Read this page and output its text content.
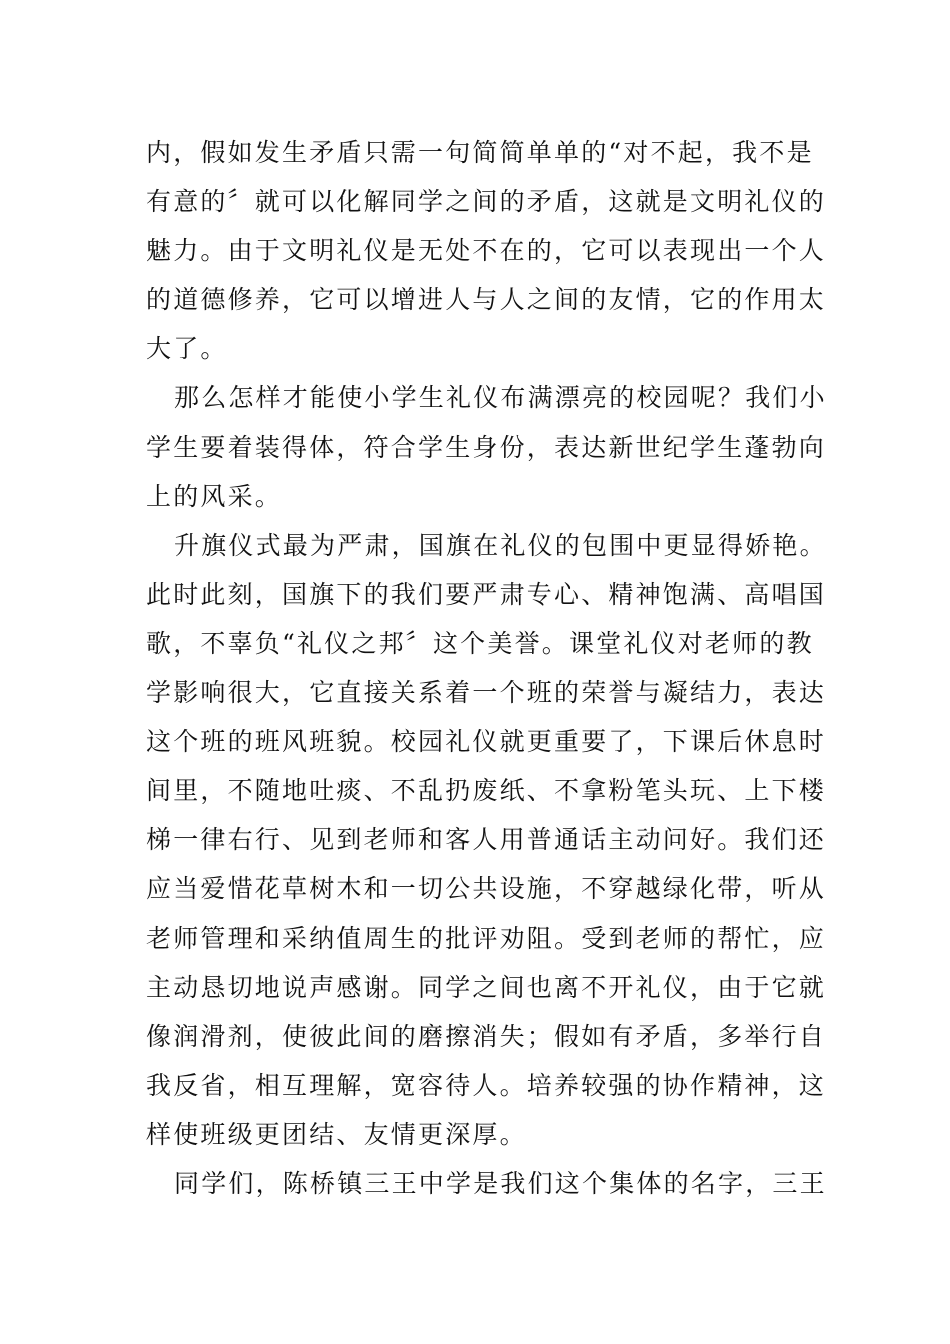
内，假如发生矛盾只需一句简简单单的“对不起，我不是
有意的〞就可以化解同学之间的矛盾，这就是文明礼仪的
魅力。由于文明礼仪是无处不在的，它可以表现出一个人
的道德修养，它可以增进人与人之间的友情，它的作用太
大了。
那么怎样才能使小学生礼仪布满漂亮的校园呢？我们小
学生要着装得体，符合学生身份，表达新世纪学生蓬勃向
上的风采。
升旗仪式最为严肃，国旗在礼仪的包围中更显得娇艳。
此时此刻，国旗下的我们要严肃专心、精神饱满、高唱国
歌，不辜负“礼仪之邦〞这个美誉。课堂礼仪对老师的教
学影响很大，它直接关系着一个班的荣誉与凝结力，表达
这个班的班风班貌。校园礼仪就更重要了，下课后休息时
间里，不随地吐痰、不乱扔废纸、不拿粉笔头玩、上下楼
梯一律右行、见到老师和客人用普通话主动问好。我们还
应当爱惜花草树木和一切公共设施，不穿越绿化带，听从
老师管理和采纳值周生的批评劝阻。受到老师的帮忙，应
主动恳切地说声感谢。同学之间也离不开礼仪，由于它就
像润滑剂，使彼此间的磨擦消失；假如有矛盾，多举行自
我反省，相互理解，宽容待人。培养较强的协作精神，这
样使班级更团结、友情更深厚。
同学们，陈桥镇三王中学是我们这个集体的名字，三王
